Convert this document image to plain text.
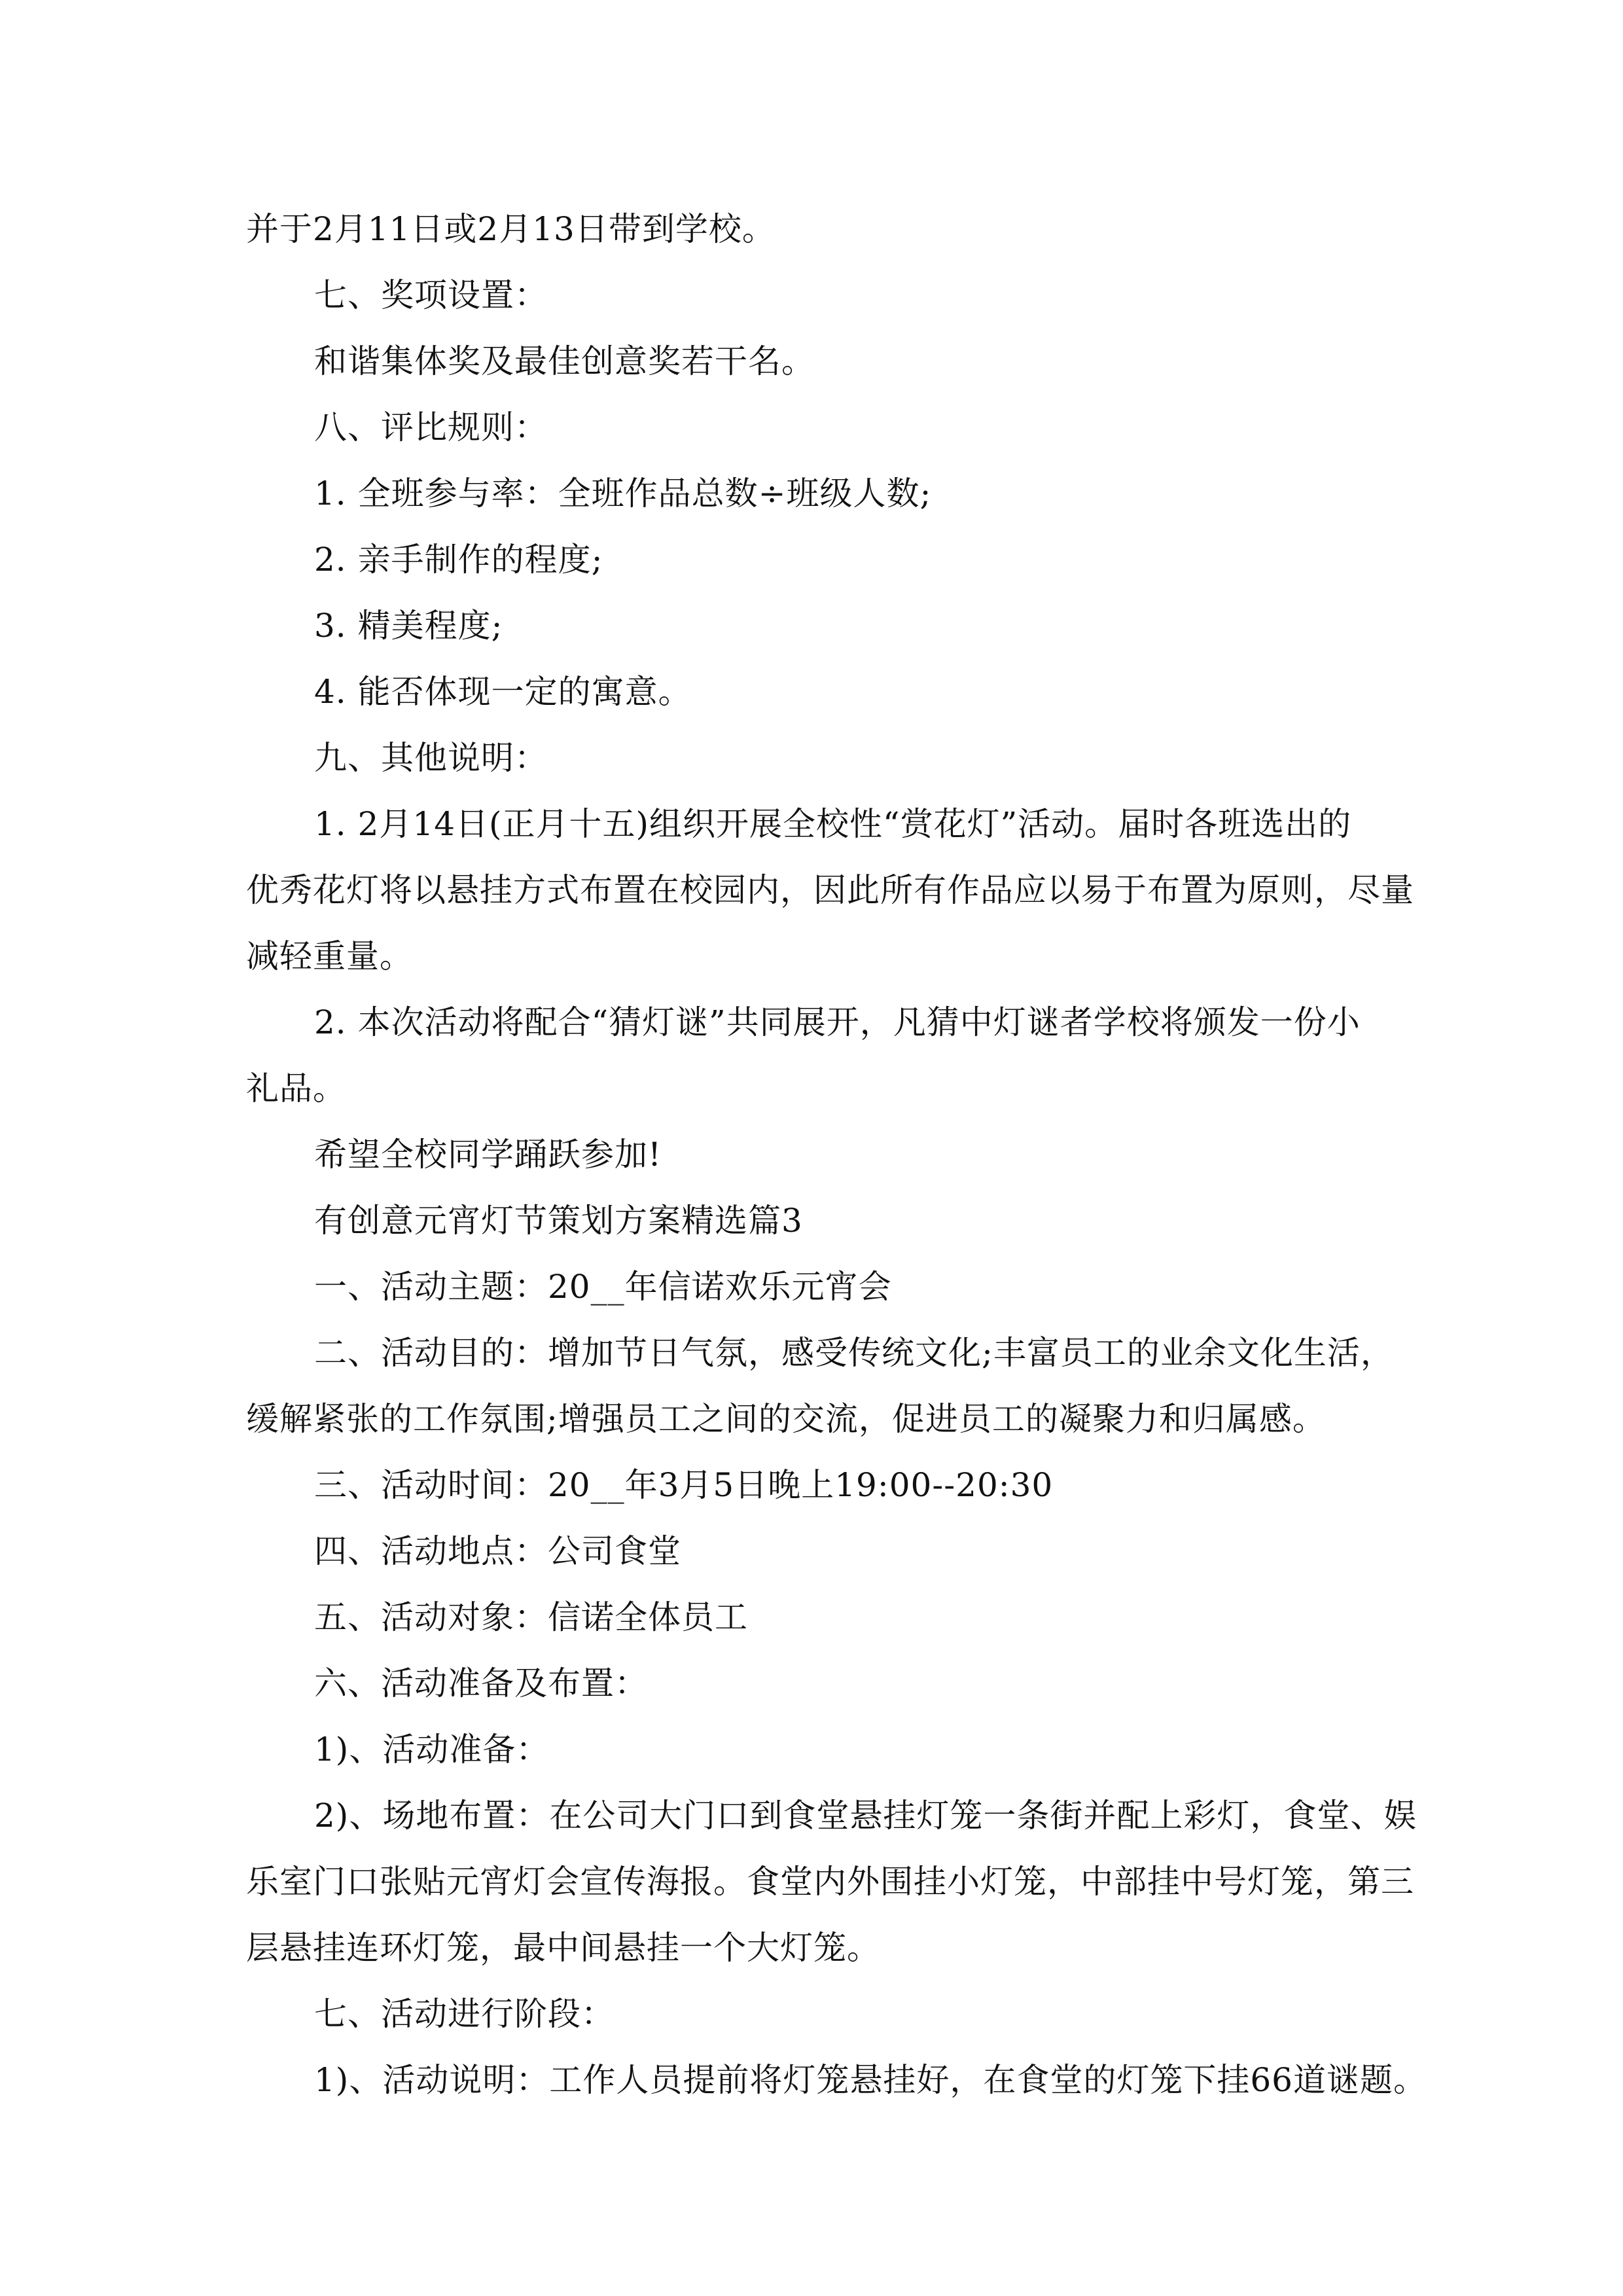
并于2月11日或2月13日带到学校。
七、奖项设置：
和谐集体奖及最佳创意奖若干名。
八、评比规则：
1. 全班参与率：全班作品总数÷班级人数;
2. 亲手制作的程度;
3. 精美程度;
4. 能否体现一定的寓意。
九、其他说明：
1. 2月14日(正月十五)组织开展全校性“赏花灯”活动。届时各班选出的
优秀花灯将以悬挂方式布置在校园内，因此所有作品应以易于布置为原则，尽量
减轻重量。
2. 本次活动将配合“猜灯谜”共同展开，凡猜中灯谜者学校将颁发一份小
礼品。
希望全校同学踊跃参加!
有创意元宵灯节策划方案精选篇3
一、活动主题：20__年信诺欢乐元宵会
二、活动目的：增加节日气氛，感受传统文化;丰富员工的业余文化生活，
缓解紧张的工作氛围;增强员工之间的交流，促进员工的凝聚力和归属感。
三、活动时间：20__年3月5日晚上19:00--20:30
四、活动地点：公司食堂
五、活动对象：信诺全体员工
六、活动准备及布置：
1)、活动准备：
2)、场地布置：在公司大门口到食堂悬挂灯笼一条街并配上彩灯，食堂、娱
乐室门口张贴元宵灯会宣传海报。食堂内外围挂小灯笼，中部挂中号灯笼，第三
层悬挂连环灯笼，最中间悬挂一个大灯笼。
七、活动进行阶段：
1)、活动说明：工作人员提前将灯笼悬挂好，在食堂的灯笼下挂66道谜题。
